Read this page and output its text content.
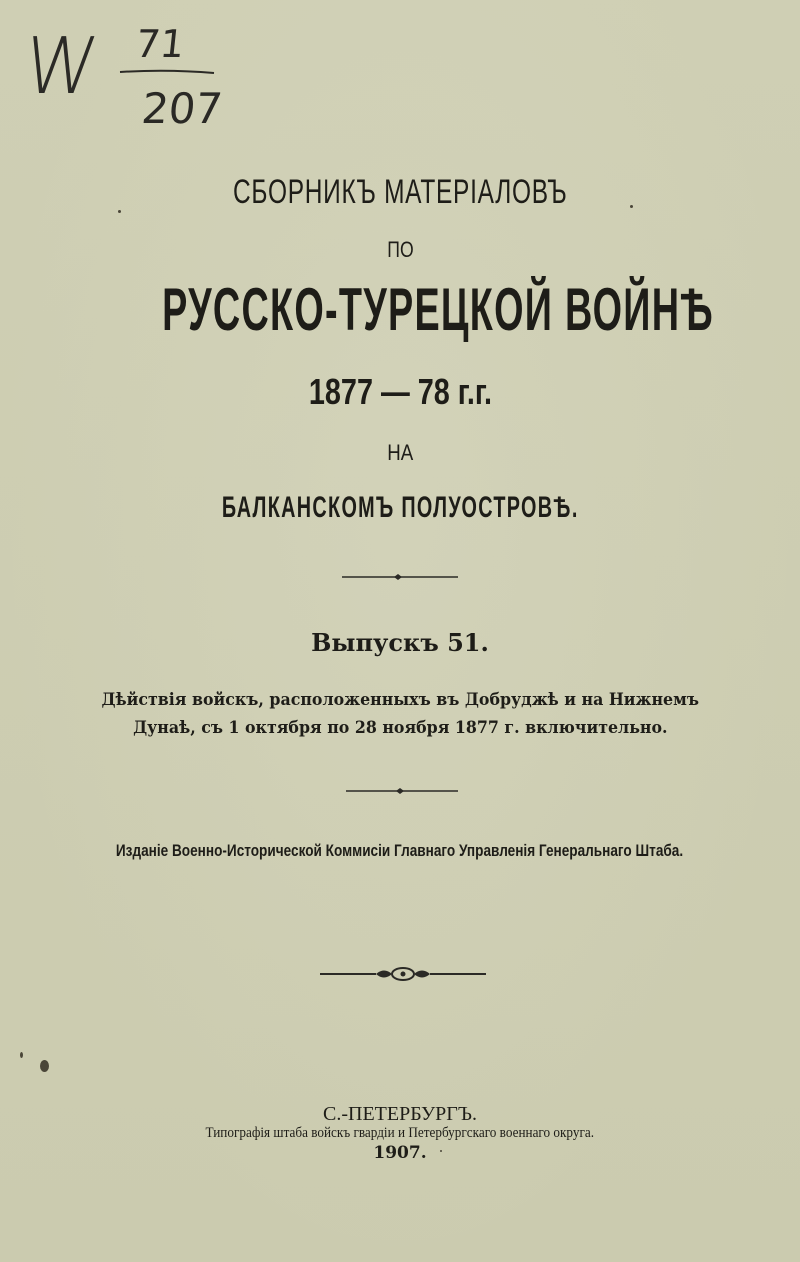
W 71
207
СБОРНИКЪ МАТЕРІАЛОВЪ
ПО
РУССКО-ТУРЕЦКОЙ ВОЙНѢ
1877 — 78 г.г.
НА
БАЛКАНСКОМЪ ПОЛУОСТРОВѢ.
Выпускъ 51.
Дѣйствія войскъ, расположенныхъ въ Добруджѣ и на Нижнемъ
Дунаѣ, съ 1 октября по 28 ноября 1877 г. включительно.
Изданіе Военно-Исторической Коммисіи Главнаго Управленія Генеральнаго Штаба.
С.-ПЕТЕРБУРГЪ.
Типографія штаба войскъ гвардіи и Петербургскаго военнаго округа.
1907.
